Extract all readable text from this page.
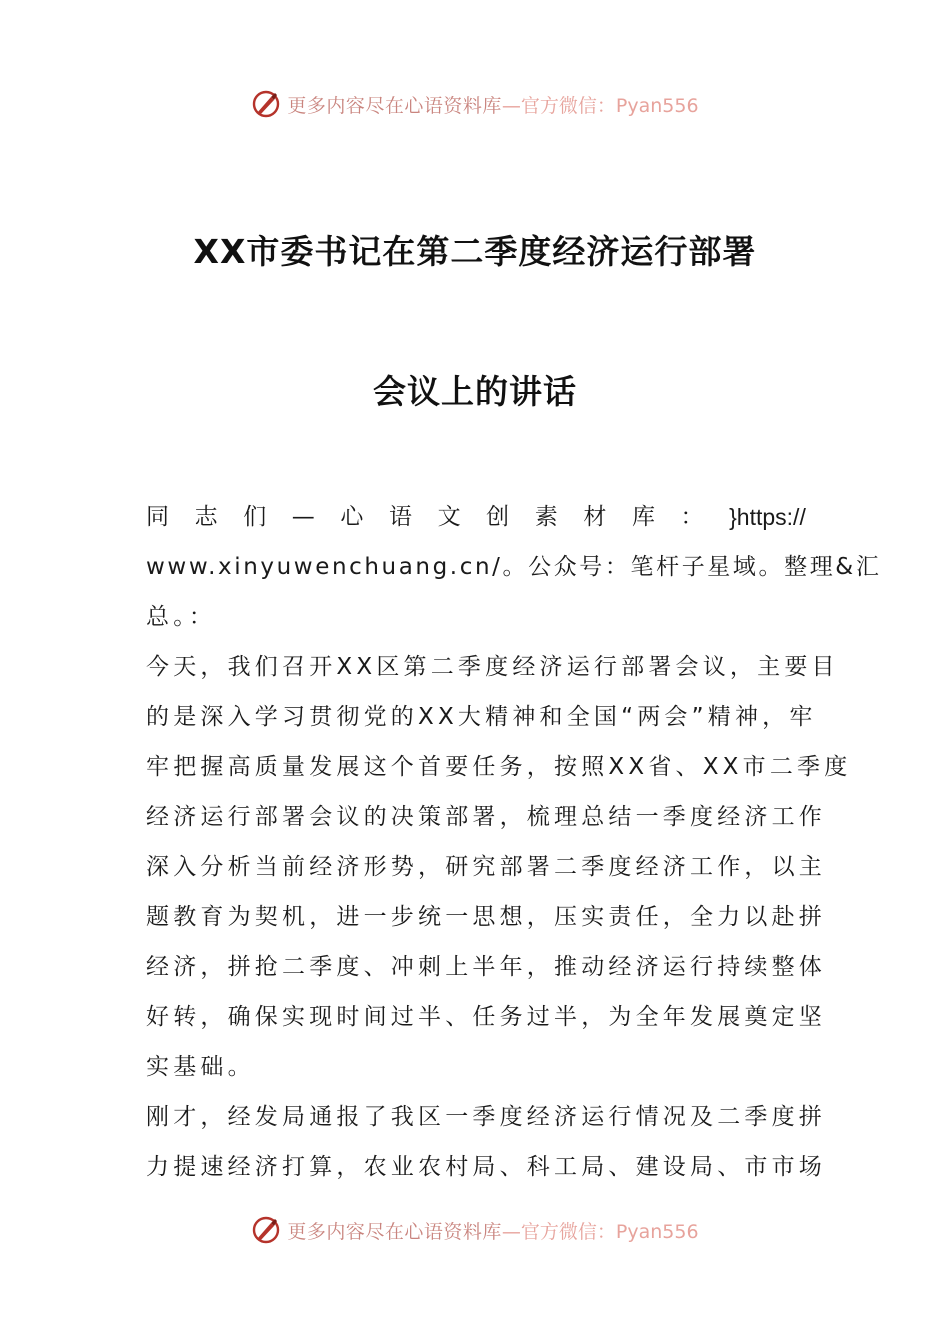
更多内容尽在心语资料库 —官方微信：Pyan556
XX市委书记在第二季度经济运行部署
会议上的讲话
同 志 们 — 心 语 文 创 素 材 库 ： }https://
www.xinyuwenchuang.cn/。公众号：笔杆子星域。整理&汇
总。：
今天，我们召开XX区第二季度经济运行部署会议，主要目
的是深入学习贯彻党的XX大精神和全国“两会”精神，牢
牢把握高质量发展这个首要任务，按照XX省、XX市二季度
经济运行部署会议的决策部署，梳理总结一季度经济工作
深入分析当前经济形势，研究部署二季度经济工作，以主
题教育为契机，进一步统一思想，压实责任，全力以赴拼
经济，拼抢二季度、冲刺上半年，推动经济运行持续整体
好转，确保实现时间过半、任务过半，为全年发展奠定坚
实基础。
刚才，经发局通报了我区一季度经济运行情况及二季度拼
力提速经济打算，农业农村局、科工局、建设局、市市场
更多内容尽在心语资料库 —官方微信：Pyan556
